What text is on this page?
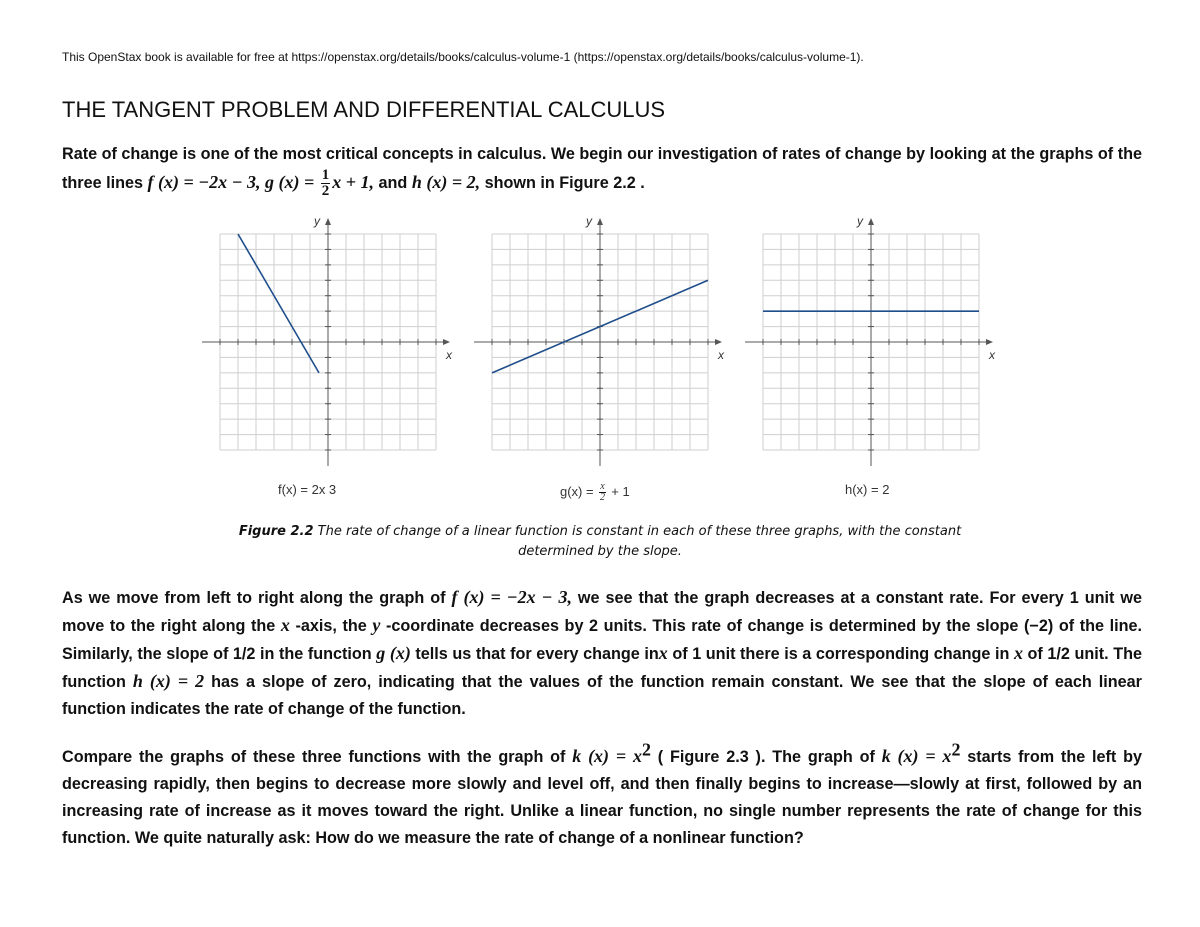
This OpenStax book is available for free at https://openstax.org/details/books/calculus-volume-1 (https://openstax.org/details/books/calculus-volume-1).
THE TANGENT PROBLEM AND DIFFERENTIAL CALCULUS
Rate of change is one of the most critical concepts in calculus. We begin our investigation of rates of change by looking at the graphs of the three lines f (x) = −2x − 3, g $(x) = \frac{1}{2}$ x + 1, and h (x) = 2, shown in Figure 2.2 .
x
y
x
y
x
y
f(x) = 2x 3	$g(x) = \frac{x}{2} + 1$	h(x) = 2
Figure 2.2 The rate of change of a linear function is constant in each of these three graphs, with the constant determined by the slope.
As we move from left to right along the graph of f (x) = −2x − 3, we see that the graph decreases at a constant rate. For every 1 unit we move to the right along the x -axis, the y -coordinate decreases by 2 units. This rate of change is determined by the slope (−2) of the line. Similarly, the slope of 1/2 in the function g (x) tells us that for every change inx of 1 unit there is a corresponding change in x of 1/2 unit. The function h (x) = 2 has a slope of zero, indicating that the values of the function remain constant. We see that the slope of each linear function indicates the rate of change of the function.
Compare the graphs of these three functions with the graph of k $(x) = x^2$ ( Figure 2.3 ). The graph of k $(x) = x^2$ starts from the left by decreasing rapidly, then begins to decrease more slowly and level off, and then finally begins to increase—slowly at first, followed by an increasing rate of increase as it moves toward the right. Unlike a linear function, no single number represents the rate of change for this function. We quite naturally ask: How do we measure the rate of change of a nonlinear function?
